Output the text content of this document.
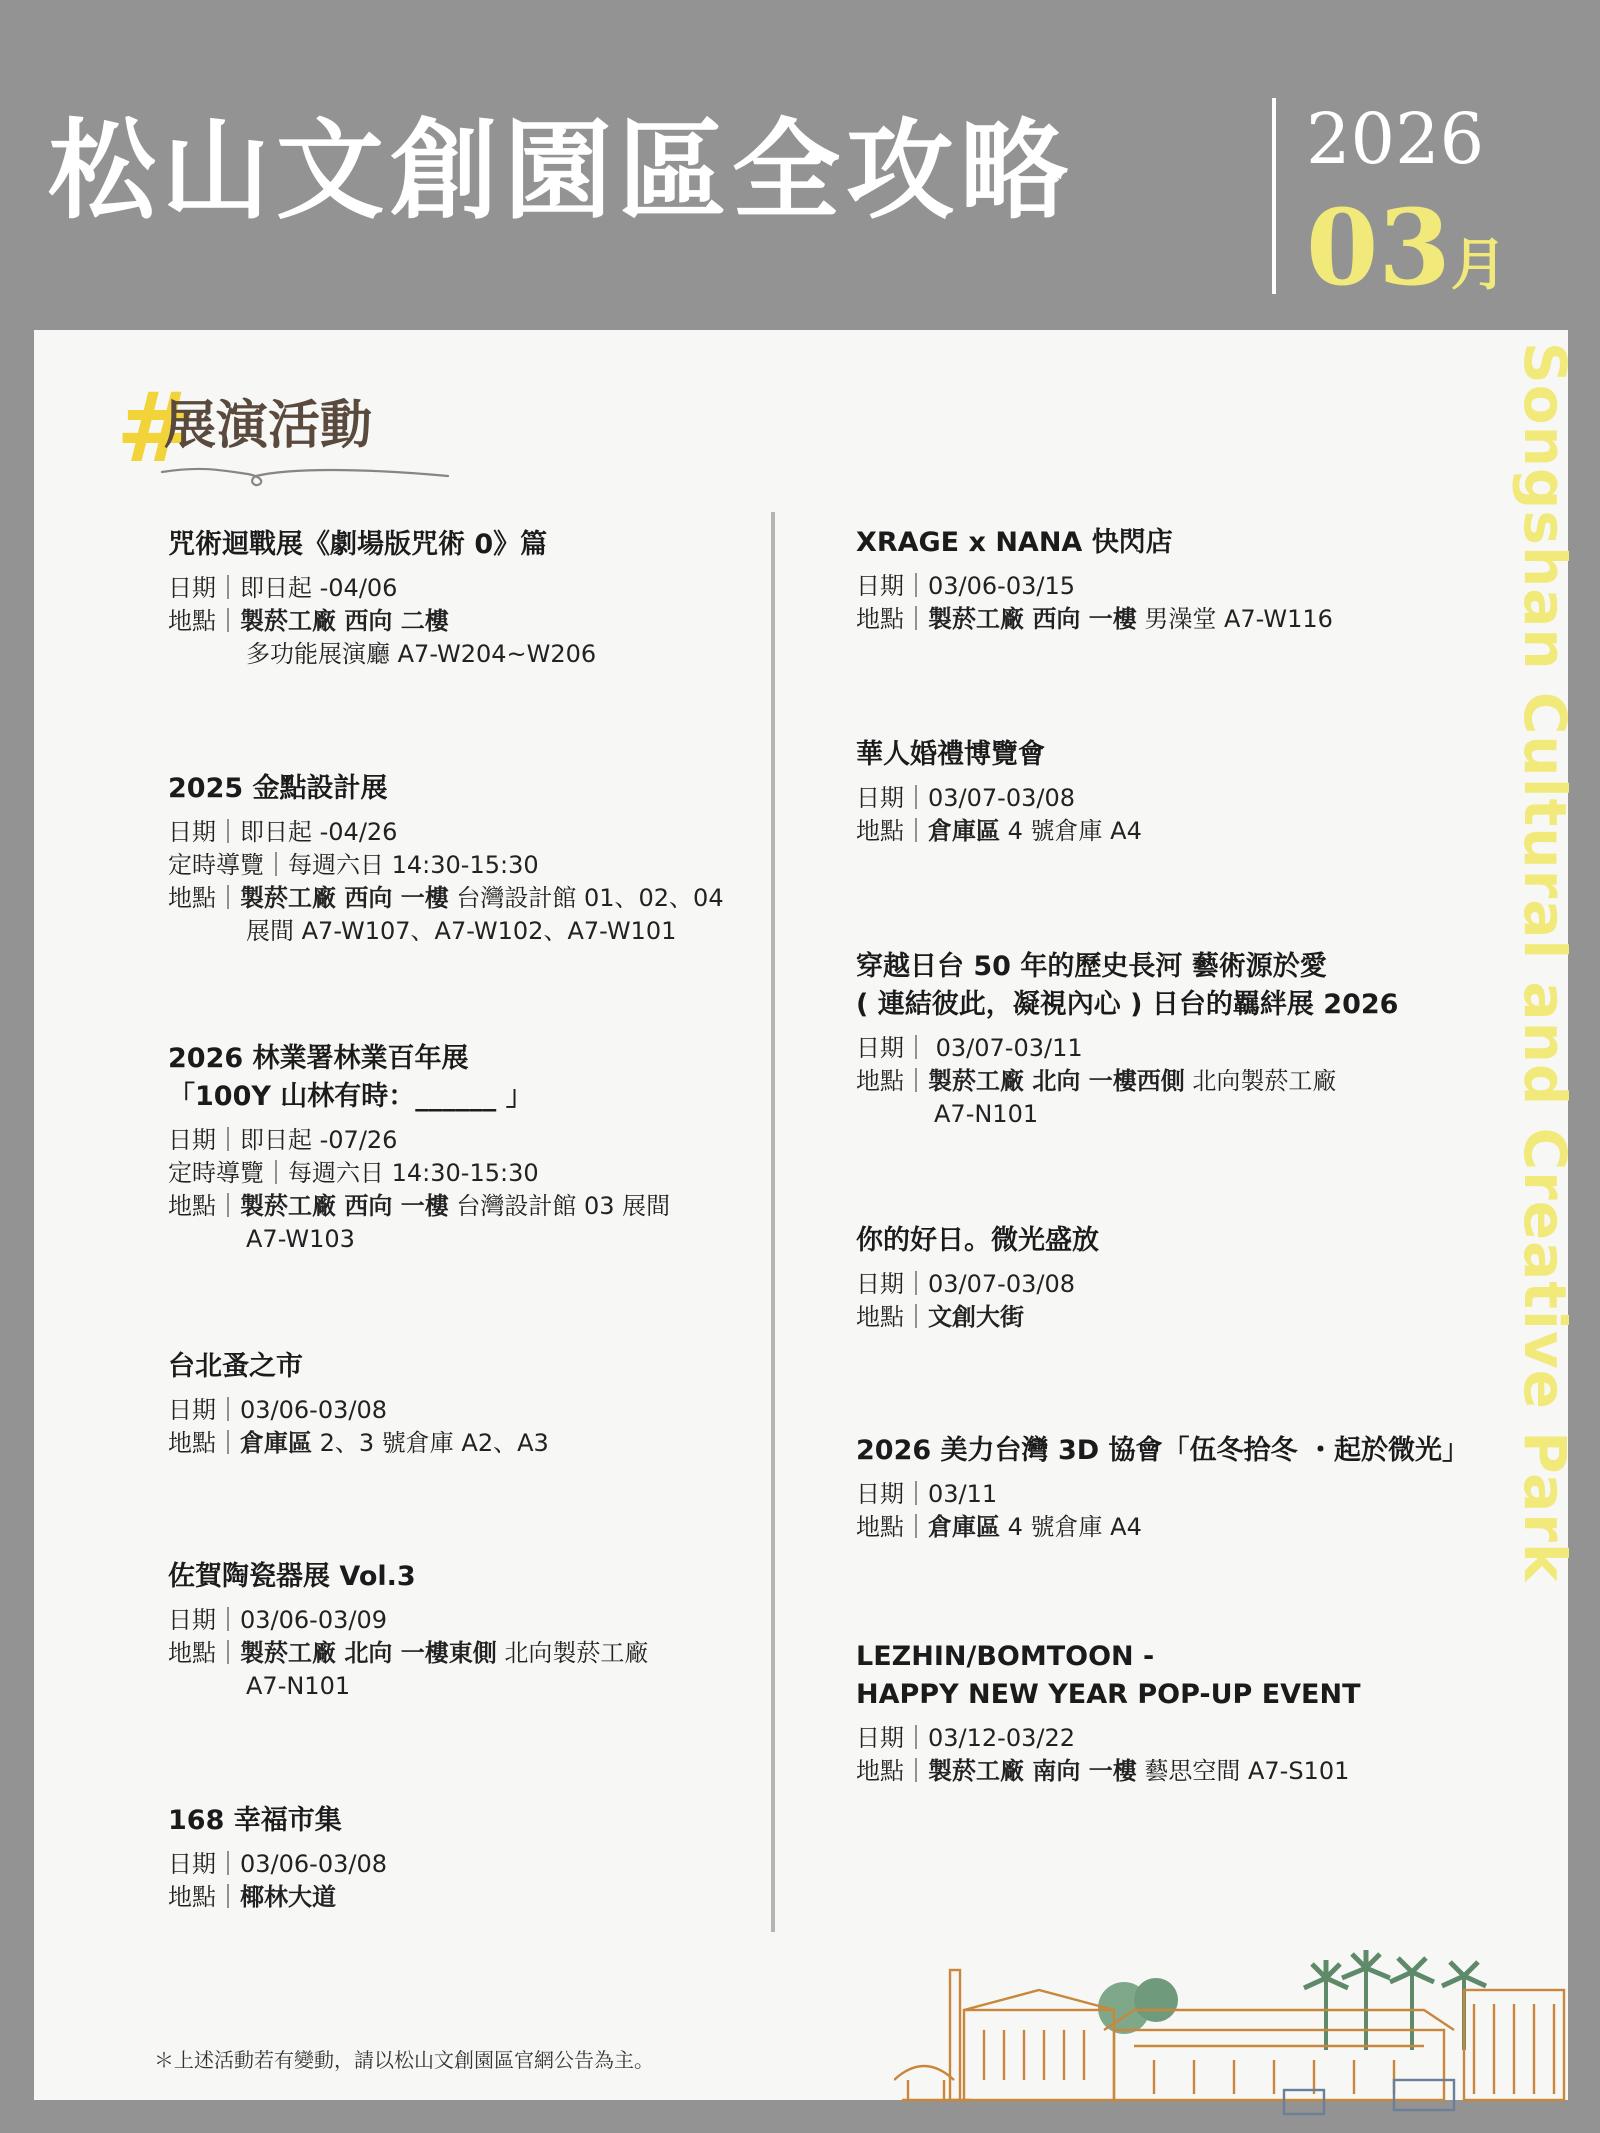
松山文創園區全攻略	2026
03月
#
展演活動
咒術迴戰展《劇場版咒術 0》篇
日期｜即日起 -04/06
地點｜製菸工廠 西向 二樓
多功能展演廳 A7-W204~W206
2025 金點設計展
日期｜即日起 -04/26
定時導覽｜每週六日 14:30-15:30
地點｜製菸工廠 西向 一樓 台灣設計館 01、02、04
展間 A7-W107、A7-W102、A7-W101
2026 林業署林業百年展
「100Y 山林有時：______ 」
日期｜即日起 -07/26
定時導覽｜每週六日 14:30-15:30
地點｜製菸工廠 西向 一樓 台灣設計館 03 展間
A7-W103
台北蚤之市
日期｜03/06-03/08
地點｜倉庫區 2、3 號倉庫 A2、A3
佐賀陶瓷器展 Vol.3
日期｜03/06-03/09
地點｜製菸工廠 北向 一樓東側 北向製菸工廠
A7-N101
168 幸福市集
日期｜03/06-03/08
地點｜椰林大道
XRAGE x NANA 快閃店
日期｜03/06-03/15
地點｜製菸工廠 西向 一樓 男澡堂 A7-W116
華人婚禮博覽會
日期｜03/07-03/08
地點｜倉庫區 4 號倉庫 A4
穿越日台 50 年的歷史長河 藝術源於愛
( 連結彼此，凝視內心 ) 日台的羈絆展 2026
日期｜ 03/07-03/11
地點｜製菸工廠 北向 一樓西側 北向製菸工廠
A7-N101
你的好日。微光盛放
日期｜03/07-03/08
地點｜文創大街
2026 美力台灣 3D 協會「伍冬拾冬 ・起於微光」
日期｜03/11
地點｜倉庫區 4 號倉庫 A4
LEZHIN/BOMTOON -
HAPPY NEW YEAR POP-UP EVENT
日期｜03/12-03/22
地點｜製菸工廠 南向 一樓 藝思空間 A7-S101
Songshan Cultural and Creative Park
＊上述活動若有變動，請以松山文創園區官網公告為主。
